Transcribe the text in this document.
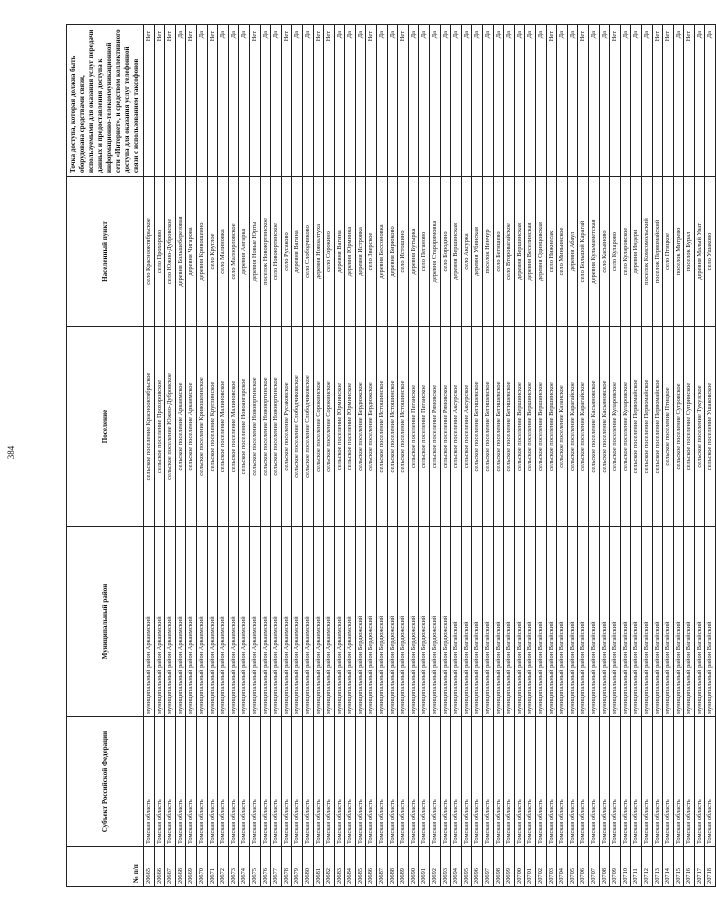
384
№ п/п	Субъект Российской Федерации	Муниципальный район	Поселение	Населенный пункт	Точка доступа, которая должна быть оборудована средствами связи, используемыми для оказания услуг передачи данных и предоставления доступа к информационно-телекоммуникационной сети «Интернет», и средством коллективного доступа для оказания услуг телефонной связи с использованием таксофонов
20665	Томская область	муниципальный район Аркаимский	сельское поселение Краснооктябрьское	село Краснооктябрьское	Нет
20666	Томская область	муниципальный район Аркаимский	сельское поселение Прохоровское	село Прохорово	Нет
20667	Томская область	муниципальный район Аркаимский	сельское поселение Южно-Дубровское	село Южно-Дубровское	Нет
20668	Томская область	муниципальный район Аркаимский	сельское поселение Аркаимское	деревня Большеберезовая	Да
20669	Томская область	муниципальный район Аркаимский	сельское поселение Аркаимское	деревня Чигарова	Нет
20670	Томская область	муниципальный район Аркаимский	сельское поселение Кривошеинское	деревня Кривошеино	Да
20671	Томская область	муниципальный район Аркаимский	сельское поселение Круглинское	село Круглое	Нет
20672	Томская область	муниципальный район Аркаимский	сельское поселение Малиновское	село Малиновка	Да
20673	Томская область	муниципальный район Аркаимский	сельское поселение Малиновское	село Малоорловское	Да
20674	Томская область	муниципальный район Аркаимский	сельское поселение Новоангарское	деревня Ангарка	Да
20675	Томская область	муниципальный район Аркаимский	сельское поселение Новоюртинское	деревня Новые Юрты	Нет
20676	Томская область	муниципальный район Аркаимский	сельское поселение Новоюртинское	поселок Новоюртинское	Да
20677	Томская область	муниципальный район Аркаимский	сельское поселение Новоюртинское	село Новоюртинское	Да
20678	Томская область	муниципальный район Аркаимский	сельское поселение Русаковское	село Русаково	Нет
20679	Томская область	муниципальный район Аркаимский	сельское поселение Слободчиковское	деревня Вагина	Да
20680	Томская область	муниципальный район Аркаимский	сельское поселение Слободчиковское	село Слободчиково	Да
20681	Томская область	муниципальный район Аркаимский	сельское поселение Сорокинское	деревня Новоалтуха	Нет
20682	Томская область	муниципальный район Аркаимский	сельское поселение Сорокинское	село Сорокино	Нет
20683	Томская область	муниципальный район Аркаимский	сельское поселение Юрминское	деревня Вагина	Да
20684	Томская область	муниципальный район Аркаимский	сельское поселение Юрминское	деревня Юрминка	Да
20685	Томская область	муниципальный район Бердюжский	сельское поселение Бердюжское	деревня Истровка	Да
20686	Томская область	муниципальный район Бердюжский	сельское поселение Бердюжское	село Зверское	Нет
20687	Томская область	муниципальный район Бердюжский	сельское поселение Истошинское	деревня Бессоновка	Да
20688	Томская область	муниципальный район Бердюжский	сельское поселение Истошинское	деревня Бирюково	Да
20689	Томская область	муниципальный район Бердюжский	сельское поселение Истошинское	село Истошино	Нет
20690	Томская область	муниципальный район Бердюжский	сельское поселение Пеганское	деревня Бутырка	Да
20691	Томская область	муниципальный район Бердюжский	сельское поселение Пеганское	село Пеганово	Да
20692	Томская область	муниципальный район Бердюжский	сельское поселение Рямовское	деревня Старорямовка	Да
20693	Томская область	муниципальный район Бердюжский	сельское поселение Рямовское	село Бородино	Да
20694	Томская область	муниципальный район Вагайский	сельское поселение Аксурское	деревня Вершинская	Да
20695	Томская область	муниципальный район Вагайский	сельское поселение Аксурское	село Аксурка	Да
20696	Томская область	муниципальный район Вагайский	сельское поселение Бегишевское	деревня Убинская	Да
20697	Томская область	муниципальный район Вагайский	сельское поселение Бегишевское	поселок Ненчур	Да
20698	Томская область	муниципальный район Вагайский	сельское поселение Бегишевское	село Бегишево	Да
20699	Томская область	муниципальный район Вагайский	сельское поселение Бегишевское	село Второвагайское	Да
20700	Томская область	муниципальный район Вагайский	сельское поселение Вершинское	деревня Вершинская	Да
20701	Томская область	муниципальный район Вагайский	сельское поселение Вершинское	деревня Веселинская	Да
20702	Томская область	муниципальный район Вагайский	сельское поселение Вершинское	деревня Одинцовская	Да
20703	Томская область	муниципальный район Вагайский	сельское поселение Вершинское	село Нижнесак	Нет
20704	Томская область	муниципальный район Вагайский	сельское поселение Казанское	село Миньинское	Да
20705	Томская область	муниципальный район Вагайский	сельское поселение Карагайское	деревня Абаул	Да
20706	Томская область	муниципальный район Вагайский	сельское поселение Карагайское	село Большой Карагай	Нет
20707	Томская область	муниципальный район Вагайский	сельское поселение Касьяновское	деревня Кульмаметская	Да
20708	Томская область	муниципальный район Вагайский	сельское поселение Касьяновское	село Касьяново	Да
20709	Томская область	муниципальный район Вагайский	сельское поселение Куларовское	село Куларово	Нет
20710	Томская область	муниципальный район Вагайский	сельское поселение Куларовское	село Куларовское	Да
20711	Томская область	муниципальный район Вагайский	сельское поселение Первомайское	деревня Индери	Да
20712	Томская область	муниципальный район Вагайский	сельское поселение Первомайское	поселок Комсомольский	Да
20713	Томская область	муниципальный район Вагайский	сельское поселение Первомайское	поселок Первомайский	Нет
20714	Томская область	муниципальный район Вагайский	сельское поселение Птицкое	село Птицкое	Нет
20715	Томская область	муниципальный район Вагайский	сельское поселение Сугровское	поселок Митрево	Да
20716	Томская область	муниципальный район Вагайский	сельское поселение Супринское	поселок Бурал	Нет
20717	Томская область	муниципальный район Вагайский	сельское поселение Тукузское	деревня Малый Уват	Да
20718	Томская область	муниципальный район Вагайский	сельское поселение Ушаковское	село Ушаково	Да
